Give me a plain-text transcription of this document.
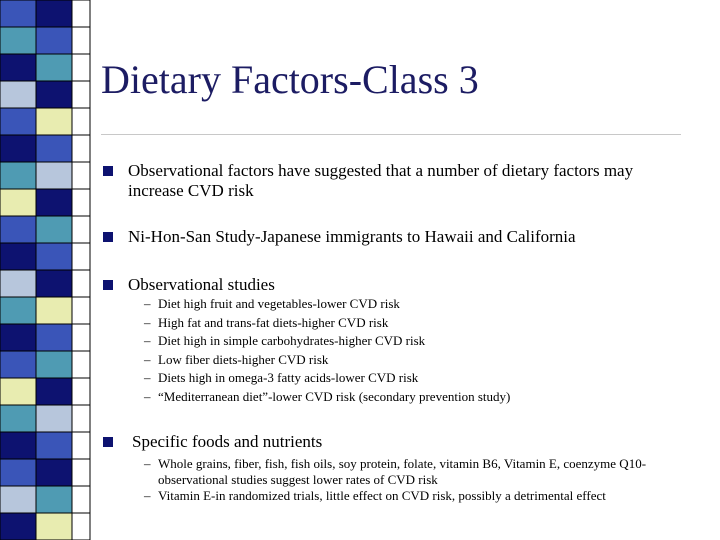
Dietary Factors-Class 3
Observational factors have suggested that a number of dietary factors may increase CVD risk
Ni-Hon-San Study-Japanese immigrants to Hawaii and California
Observational studies
– Diet high fruit and vegetables-lower CVD risk
– High fat and trans-fat diets-higher CVD risk
– Diet high in simple carbohydrates-higher CVD risk
– Low fiber diets-higher CVD risk
– Diets high in omega-3 fatty acids-lower CVD risk
– “Mediterranean diet”-lower CVD risk (secondary prevention study)
Specific foods and nutrients
– Whole grains, fiber, fish, fish oils, soy protein, folate, vitamin B6, Vitamin E, coenzyme Q10-observational studies suggest lower rates of CVD risk
– Vitamin E-in randomized trials, little effect on CVD risk, possibly a detrimental effect
